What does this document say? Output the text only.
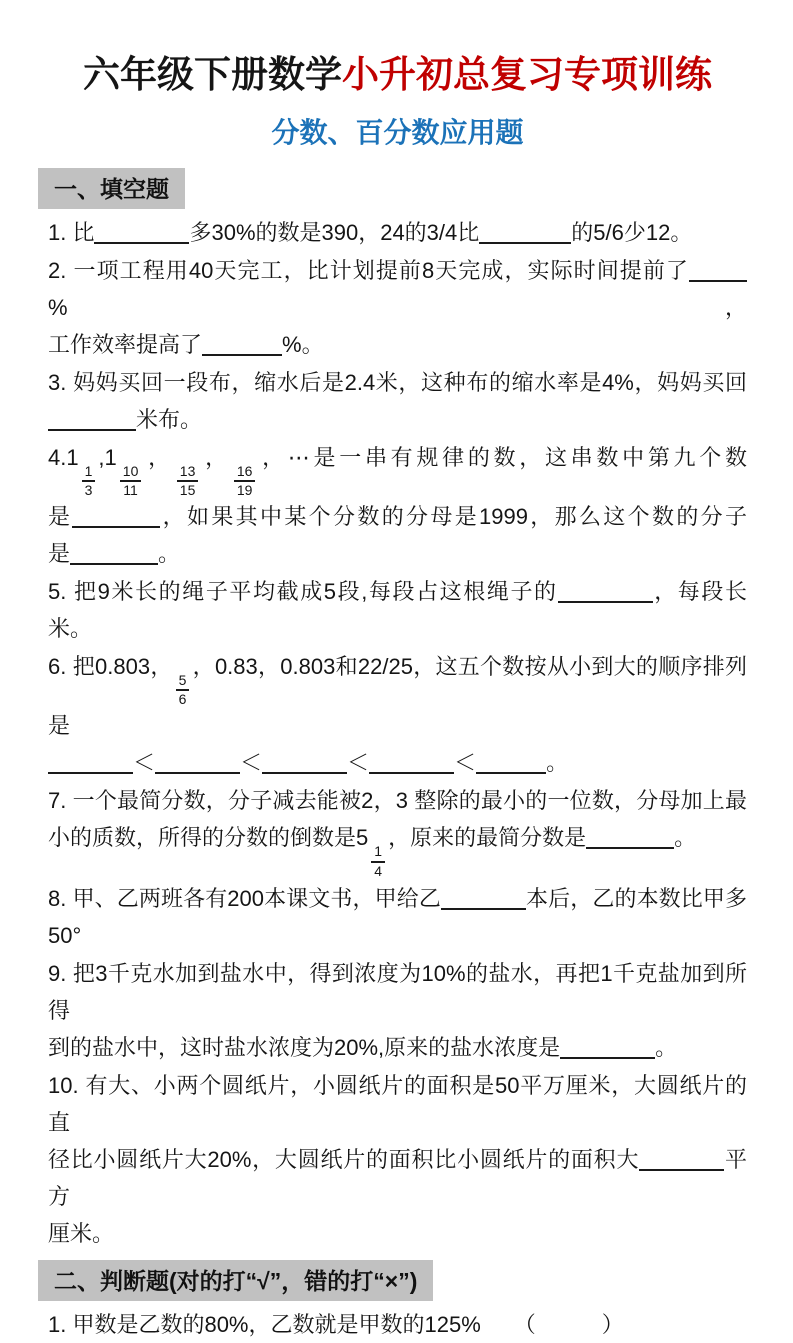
六年级下册数学小升初总复习专项训练
分数、百分数应用题
一、填空题
1. 比	多30%的数是390，24的3/4比	的5/6少12。
2. 一项工程用40天完工，比计划提前8天完成，实际时间提前了%，
工作效率提高了	%。
3. 妈妈买回一段布，缩水后是2.4米，这种布的缩水率是4%，妈妈买回
米布。
4.1
$\frac{1}{3}$
,1
$\frac{10}{11}$
，
$\frac{13}{15}$
，
$\frac{16}{19}$
，⋯是一串有规律的数，这串数中第九个数
是	，如果其中某个分数的分母是1999，那么这个数的分子
是	。
5. 把9米长的绳子平均截成5段,每段占这根绳子的	，每段长
米。
6. 把0.803，
$\frac{5}{6}$
，0.83，0.803和22/25，这五个数按从小到大的顺序排列是
＜	＜	＜	＜	。
7. 一个最简分数，分子减去能被2，3 整除的最小的一位数，分母加上最
小的质数，所得的分数的倒数是5
$\frac{1}{4}$
，原来的最简分数是	。
8. 甲、乙两班各有200本课文书，甲给乙	本后，乙的本数比甲多
50°
9. 把3千克水加到盐水中，得到浓度为10%的盐水，再把1千克盐加到所得
到的盐水中，这时盐水浓度为20%,原来的盐水浓度是	。
10. 有大、小两个圆纸片，小圆纸片的面积是50平万厘米，大圆纸片的直
径比小圆纸片大20%，大圆纸片的面积比小圆纸片的面积大	平方
厘米。
二、判断题(对的打“√”，错的打“×”)
1. 甲数是乙数的80%，乙数就是甲数的125%　　（　　　）
